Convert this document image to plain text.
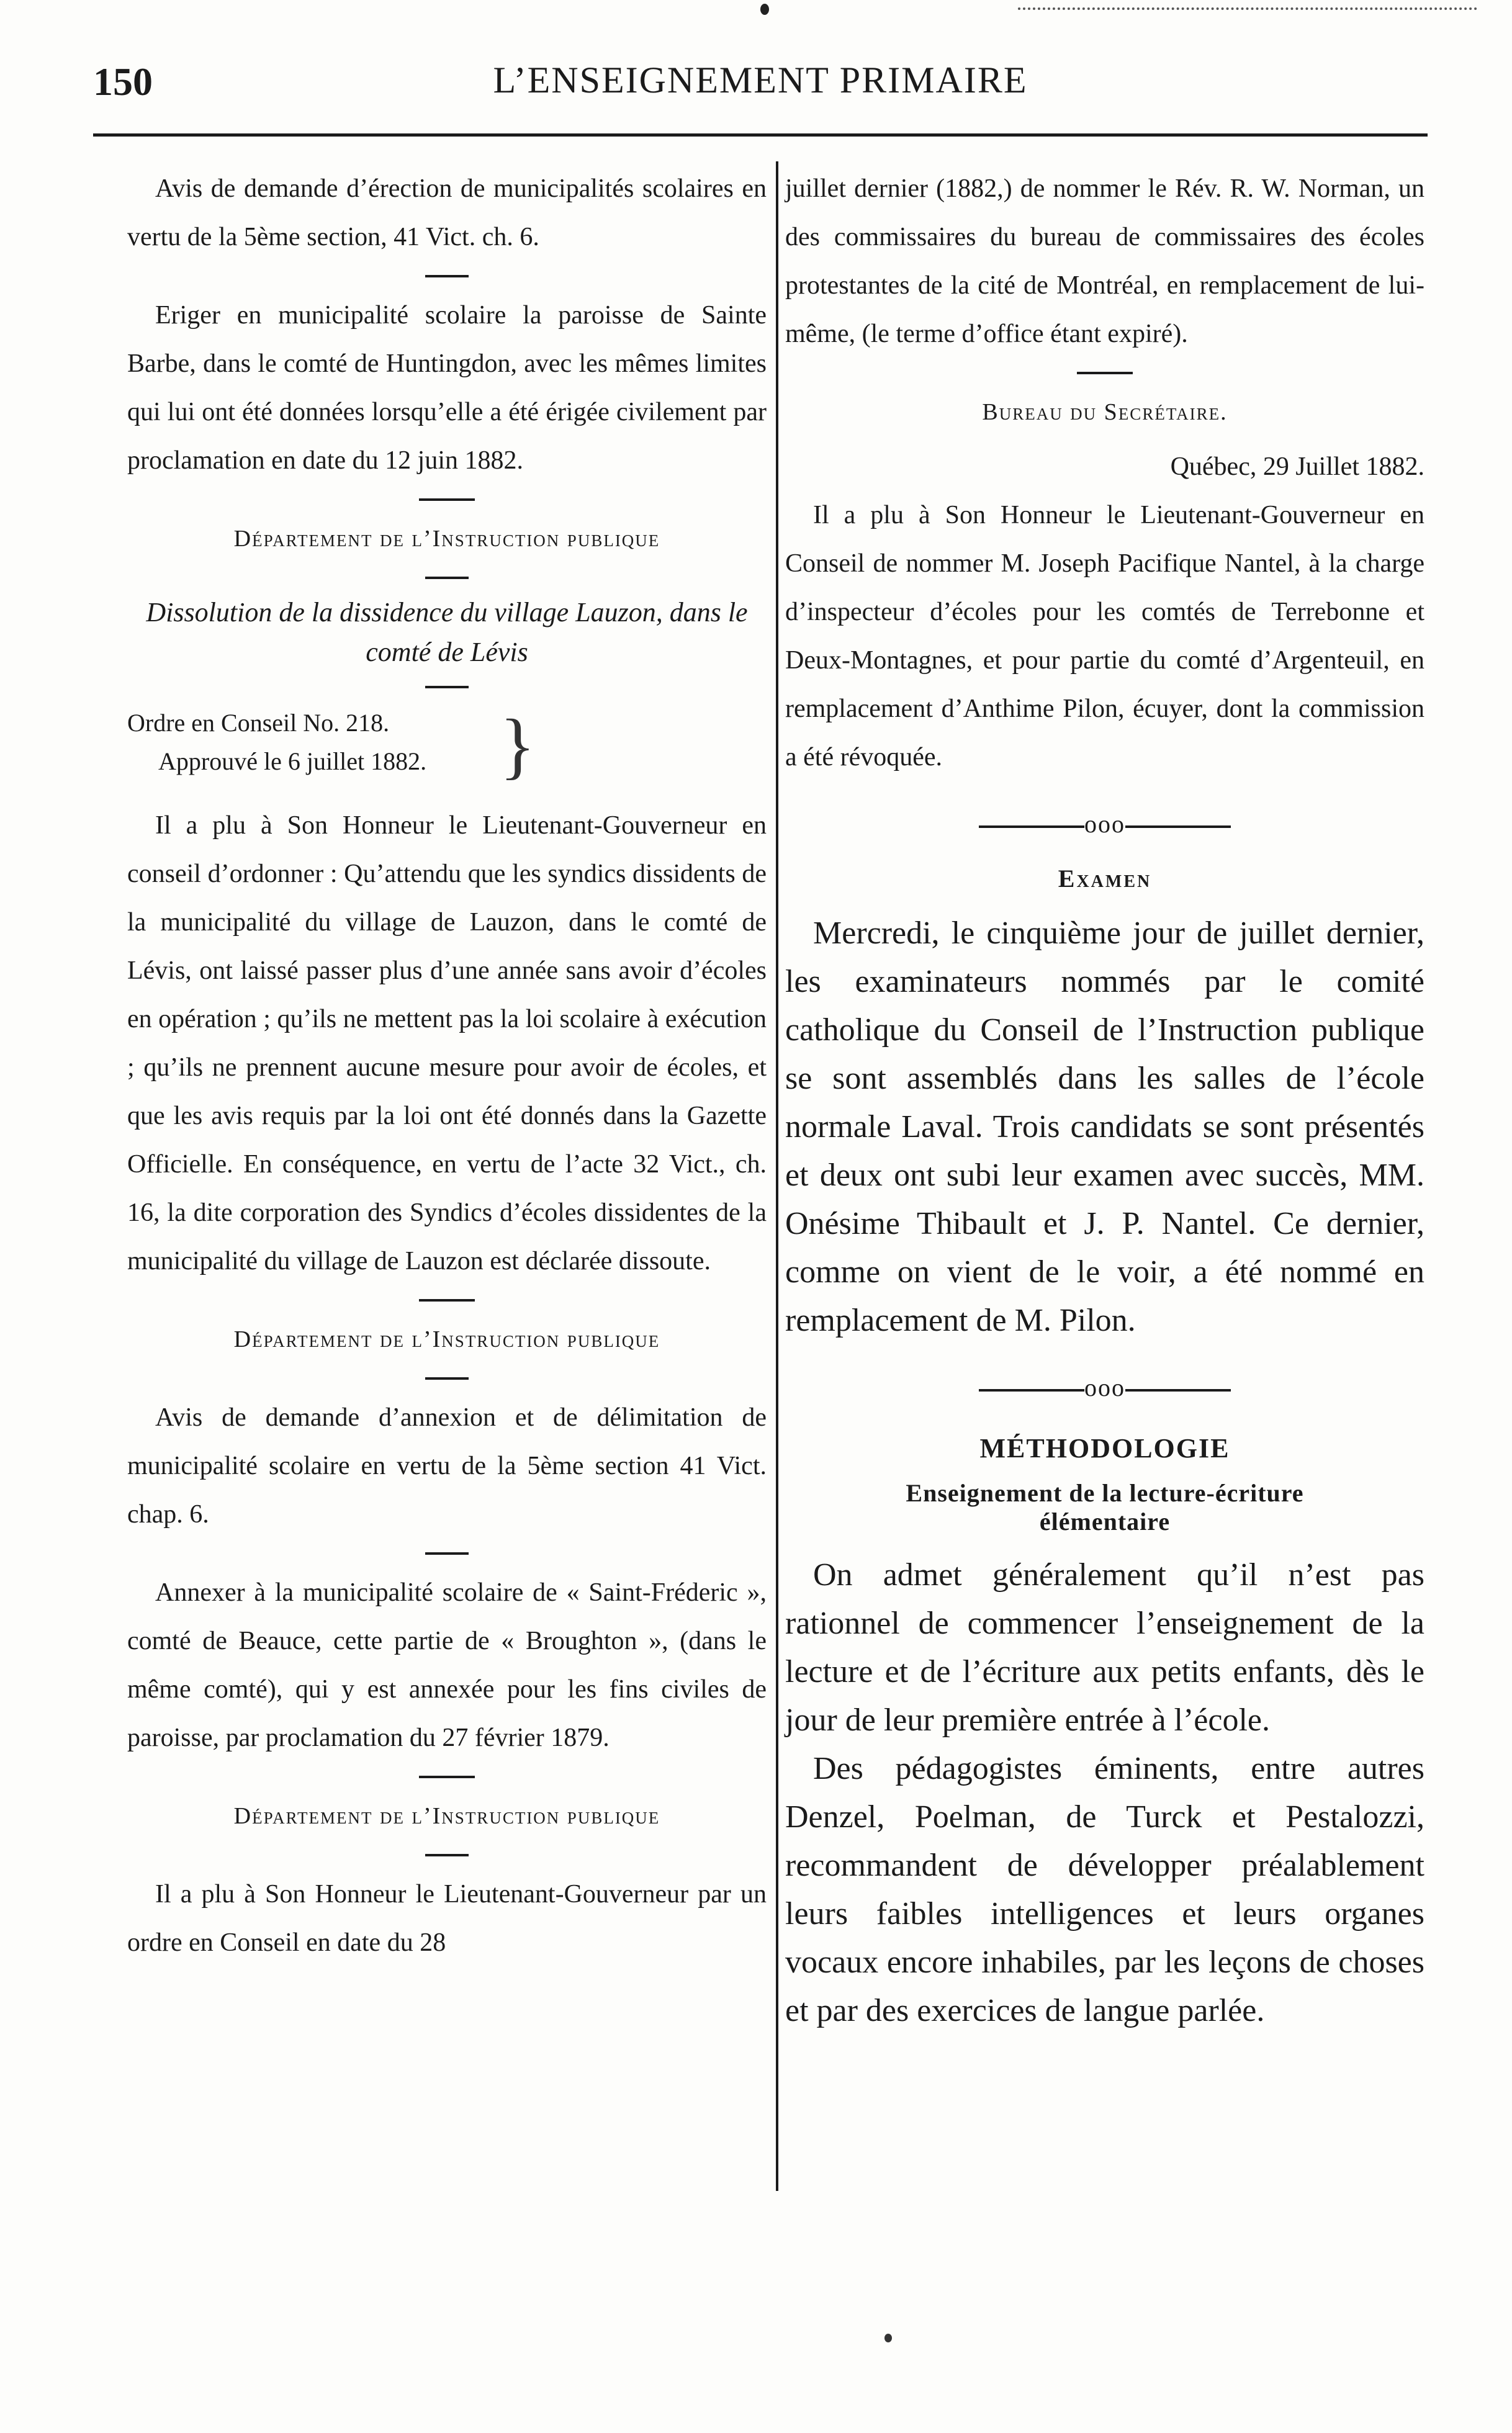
150	L’ENSEIGNEMENT PRIMAIRE

Avis de demande d’érection de municipalités scolaires en vertu de la 5ème section, 41 Vict. ch. 6.

Eriger en municipalité scolaire la paroisse de Sainte Barbe, dans le comté de Huntingdon, avec les mêmes limites qui lui ont été données lorsqu’elle a été érigée civilement par proclamation en date du 12 juin 1882.

Département de l’Instruction publique
Dissolution de la dissidence du village Lauzon, dans le comté de Lévis
Ordre en Conseil No. 218.
Approuvé le 6 juillet 1882. }

Il a plu à Son Honneur le Lieutenant-Gouverneur en conseil d’ordonner : Qu’attendu que les syndics dissidents de la municipalité du village de Lauzon, dans le comté de Lévis, ont laissé passer plus d’une année sans avoir d’écoles en opération ; qu’ils ne mettent pas la loi scolaire à exécution ; qu’ils ne prennent aucune mesure pour avoir de écoles, et que les avis requis par la loi ont été donnés dans la Gazette Officielle. En conséquence, en vertu de l’acte 32 Vict., ch. 16, la dite corporation des Syndics d’écoles dissidentes de la municipalité du village de Lauzon est déclarée dissoute.

Département de l’Instruction publique

Avis de demande d’annexion et de délimitation de municipalité scolaire en vertu de la 5ème section 41 Vict. chap. 6.

Annexer à la municipalité scolaire de « Saint-Fréderic », comté de Beauce, cette partie de « Broughton », (dans le même comté), qui y est annexée pour les fins civiles de paroisse, par proclamation du 27 février 1879.

Département de l’Instruction publique

Il a plu à Son Honneur le Lieutenant-Gouverneur par un ordre en Conseil en date du 28

juillet dernier (1882,) de nommer le Rév. R. W. Norman, un des commissaires du bureau de commissaires des écoles protestantes de la cité de Montréal, en remplacement de lui-même, (le terme d’office étant expiré).

Bureau du Secrétaire.

Québec, 29 Juillet 1882.

Il a plu à Son Honneur le Lieutenant-Gouverneur en Conseil de nommer M. Joseph Pacifique Nantel, à la charge d’inspecteur d’écoles pour les comtés de Terrebonne et Deux-Montagnes, et pour partie du comté d’Argenteuil, en remplacement d’Anthime Pilon, écuyer, dont la commission a été révoquée.

ooo
Examen

Mercredi, le cinquième jour de juillet dernier, les examinateurs nommés par le comité catholique du Conseil de l’Instruction publique se sont assemblés dans les salles de l’école normale Laval. Trois candidats se sont présentés et deux ont subi leur examen avec succès, MM. Onésime Thibault et J. P. Nantel. Ce dernier, comme on vient de le voir, a été nommé en remplacement de M. Pilon.

ooo
MÉTHODOLOGIE
Enseignement de la lecture-écriture
élémentaire

On admet généralement qu’il n’est pas rationnel de commencer l’enseignement de la lecture et de l’écriture aux petits enfants, dès le jour de leur première entrée à l’école.

Des pédagogistes éminents, entre autres Denzel, Poelman, de Turck et Pestalozzi, recommandent de développer préalablement leurs faibles intelligences et leurs organes vocaux encore inhabiles, par les leçons de choses et par des exercices de langue parlée.
